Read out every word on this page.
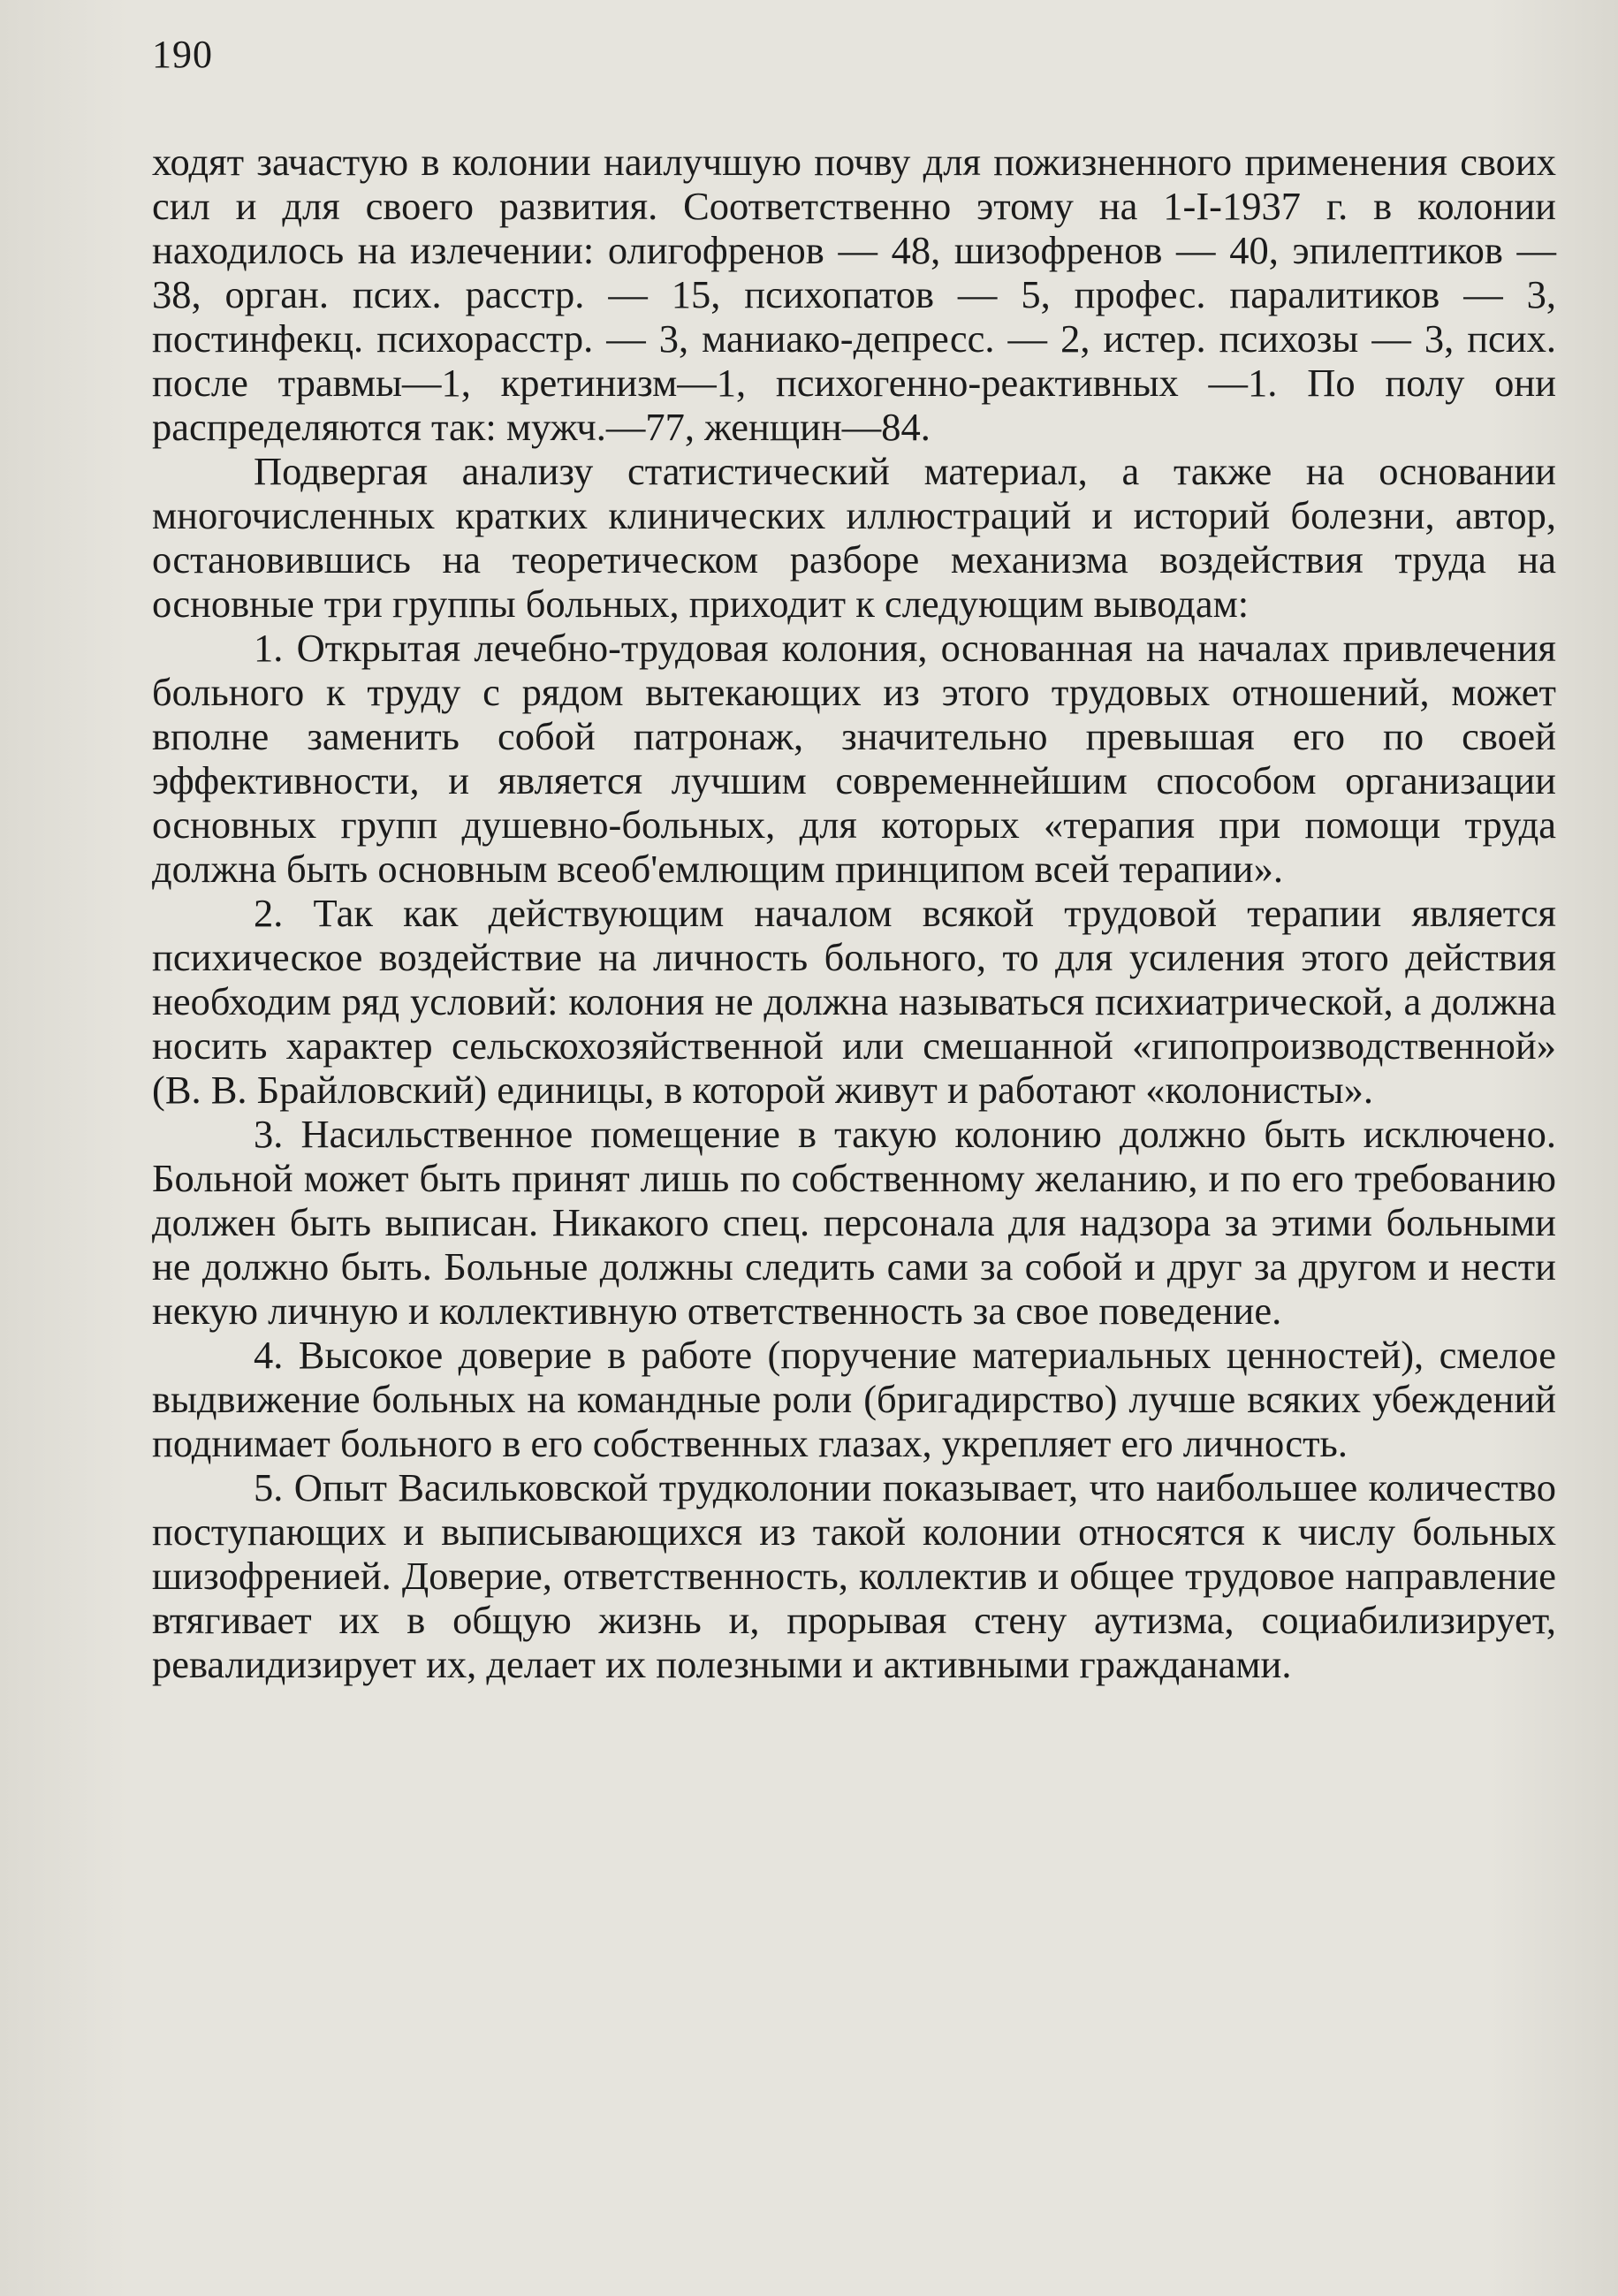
190

ходят зачастую в колонии наилучшую почву для пожизненного применения своих сил и для своего развития. Соответственно этому на 1-I-1937 г. в колонии находилось на излечении: олигофренов — 48, шизофренов — 40, эпилептиков — 38, орган. псих. расстр. — 15, психопатов — 5, профес. паралитиков — 3, постинфекц. психорасстр. — 3, маниако-депресс. — 2, истер. психозы — 3, псих. после травмы—1, кретинизм—1, психогенно-реактивных —1. По полу они распределяются так: мужч.—77, женщин—84.

Подвергая анализу статистический материал, а также на основании многочисленных кратких клинических иллюстраций и историй болезни, автор, остановившись на теоретическом разборе механизма воздействия труда на основные три группы больных, приходит к следующим выводам:

1. Открытая лечебно-трудовая колония, основанная на началах привлечения больного к труду с рядом вытекающих из этого трудовых отношений, может вполне заменить собой патронаж, значительно превышая его по своей эффективности, и является лучшим современнейшим способом организации основных групп душевно-больных, для которых «терапия при помощи труда должна быть основным всеоб'емлющим принципом всей терапии».

2. Так как действующим началом всякой трудовой терапии является психическое воздействие на личность больного, то для усиления этого действия необходим ряд условий: колония не должна называться психиатрической, а должна носить характер сельскохозяйственной или смешанной «гипопроизводственной» (В. В. Брайловский) единицы, в которой живут и работают «колонисты».

3. Насильственное помещение в такую колонию должно быть исключено. Больной может быть принят лишь по собственному желанию, и по его требованию должен быть выписан. Никакого спец. персонала для надзора за этими больными не должно быть. Больные должны следить сами за собой и друг за другом и нести некую личную и коллективную ответственность за свое поведение.

4. Высокое доверие в работе (поручение материальных ценностей), смелое выдвижение больных на командные роли (бригадирство) лучше всяких убеждений поднимает больного в его собственных глазах, укрепляет его личность.

5. Опыт Васильковской трудколонии показывает, что наибольшее количество поступающих и выписывающихся из такой колонии относятся к числу больных шизофренией. Доверие, ответственность, коллектив и общее трудовое направление втягивает их в общую жизнь и, прорывая стену аутизма, социабилизирует, ревалидизирует их, делает их полезными и активными гражданами.
